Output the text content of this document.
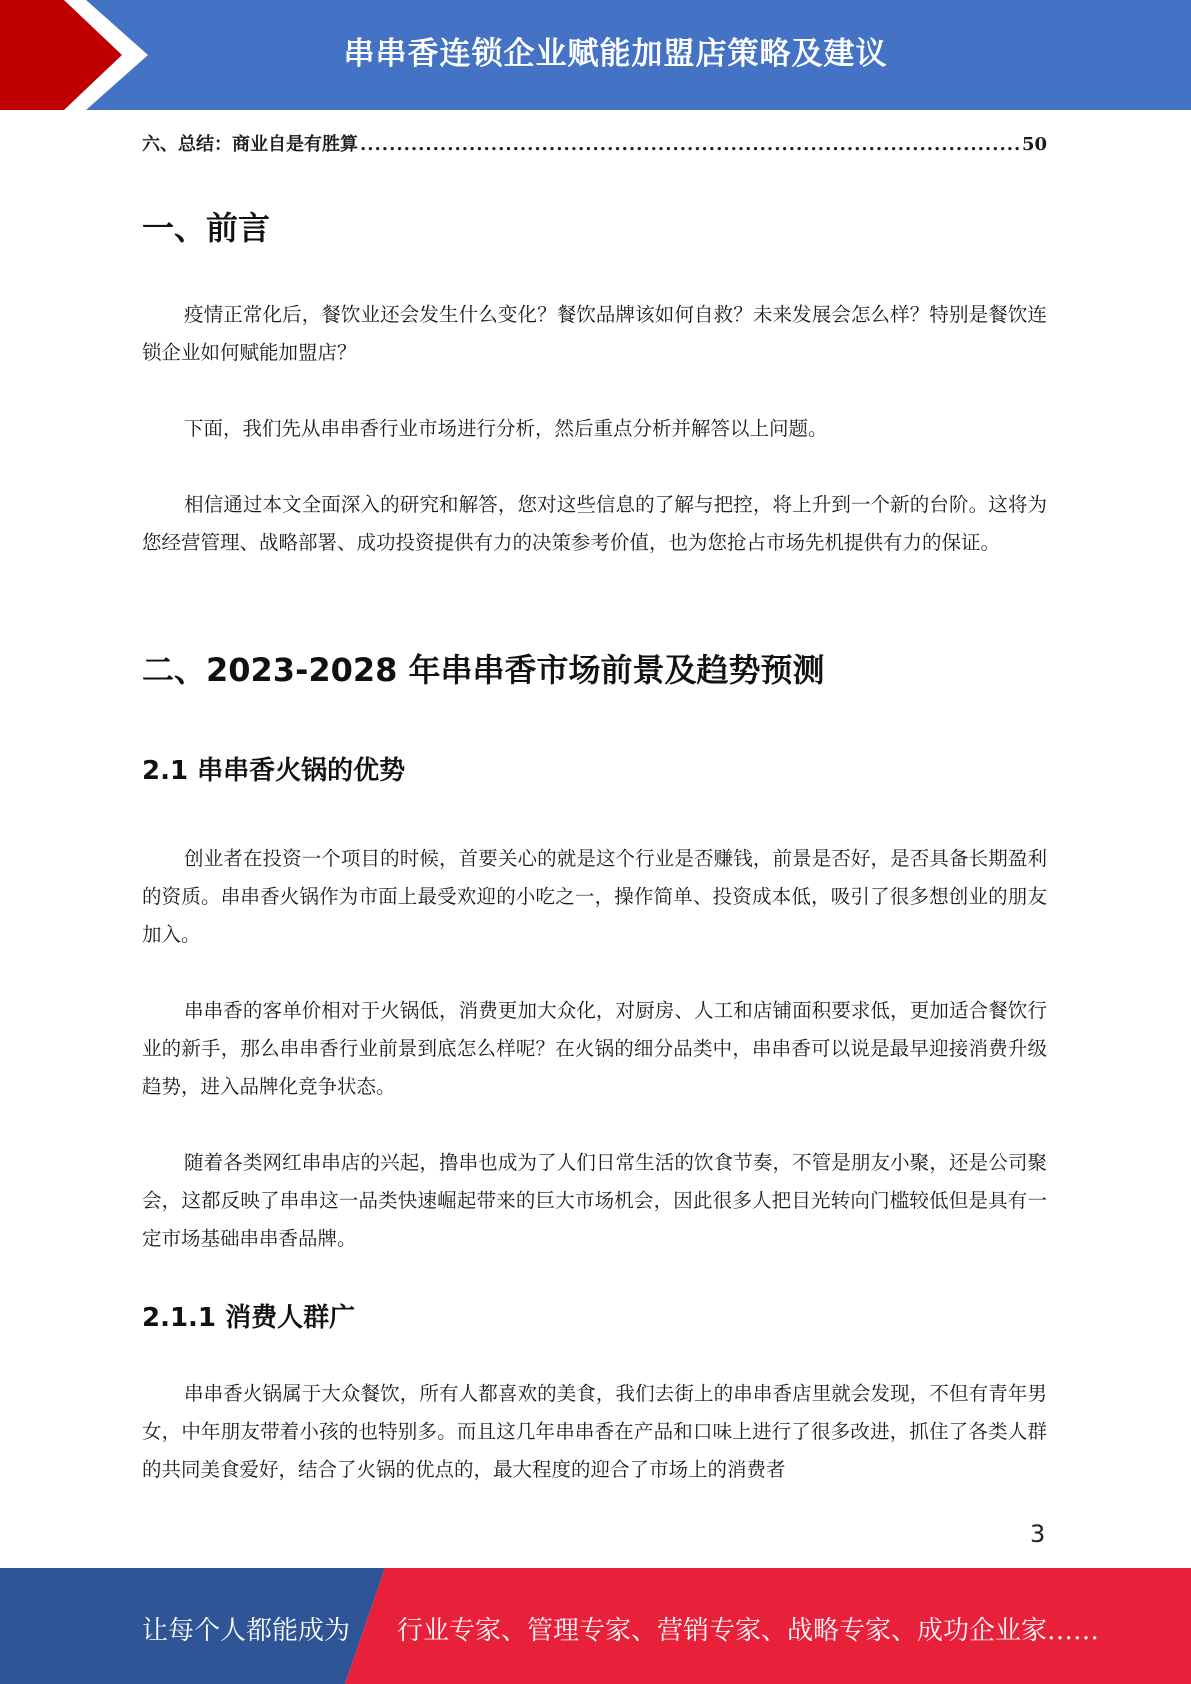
串串香连锁企业赋能加盟店策略及建议
六、总结：商业自是有胜算
.....	50
一、前言

疫情正常化后，餐饮业还会发生什么变化？餐饮品牌该如何自救？未来发展会怎么样？特别是餐饮连锁企业如何赋能加盟店？

下面，我们先从串串香行业市场进行分析，然后重点分析并解答以上问题。

相信通过本文全面深入的研究和解答，您对这些信息的了解与把控，将上升到一个新的台阶。这将为您经营管理、战略部署、成功投资提供有力的决策参考价值，也为您抢占市场先机提供有力的保证。

二、2023-2028 年串串香市场前景及趋势预测
2.1 串串香火锅的优势

创业者在投资一个项目的时候，首要关心的就是这个行业是否赚钱，前景是否好，是否具备长期盈利的资质。串串香火锅作为市面上最受欢迎的小吃之一，操作简单、投资成本低，吸引了很多想创业的朋友加入。

串串香的客单价相对于火锅低，消费更加大众化，对厨房、人工和店铺面积要求低，更加适合餐饮行业的新手，那么串串香行业前景到底怎么样呢？在火锅的细分品类中，串串香可以说是最早迎接消费升级趋势，进入品牌化竞争状态。

随着各类网红串串店的兴起，撸串也成为了人们日常生活的饮食节奏，不管是朋友小聚，还是公司聚会，这都反映了串串这一品类快速崛起带来的巨大市场机会，因此很多人把目光转向门槛较低但是具有一定市场基础串串香品牌。

2.1.1 消费人群广

串串香火锅属于大众餐饮，所有人都喜欢的美食，我们去街上的串串香店里就会发现，不但有青年男女，中年朋友带着小孩的也特别多。而且这几年串串香在产品和口味上进行了很多改进，抓住了各类人群的共同美食爱好，结合了火锅的优点的，最大程度的迎合了市场上的消费者

3
让每个人都能成为 行业专家、管理专家、营销专家、战略专家、成功企业家……
